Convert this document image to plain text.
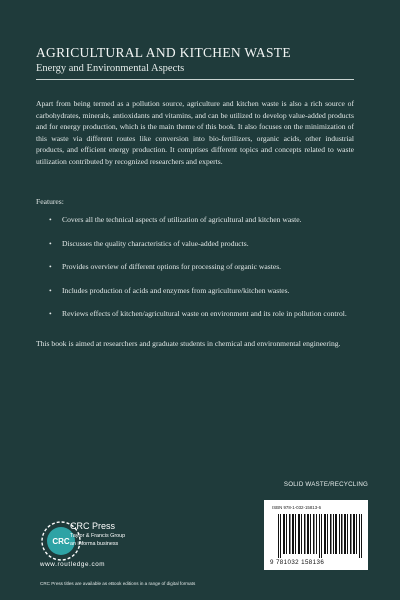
AGRICULTURAL AND KITCHEN WASTE
Energy and Environmental Aspects

Apart from being termed as a pollution source, agriculture and kitchen waste is also a rich source of carbohydrates, minerals, antioxidants and vitamins, and can be utilized to develop value-added products and for energy production, which is the main theme of this book. It also focuses on the minimization of this waste via different routes like conversion into bio-fertilizers, organic acids, other industrial products, and efficient energy production. It comprises different topics and concepts related to waste utilization contributed by recognized researchers and experts.

Features:
• Covers all the technical aspects of utilization of agricultural and kitchen waste.
• Discusses the quality characteristics of value-added products.
• Provides overview of different options for processing of organic wastes.
• Includes production of acids and enzymes from agriculture/kitchen wastes.
• Reviews effects of kitchen/agricultural waste on environment and its role in pollution control.

This book is aimed at researchers and graduate students in chemical and environmental engineering.

SOLID WASTE/RECYCLING
ISBN 978-1-032-15813-6
9 781032 158136
CRC
CRC Press
Taylor & Francis Group
an informa business
www.routledge.com
CRC Press titles are available as eBook editions in a range of digital formats
